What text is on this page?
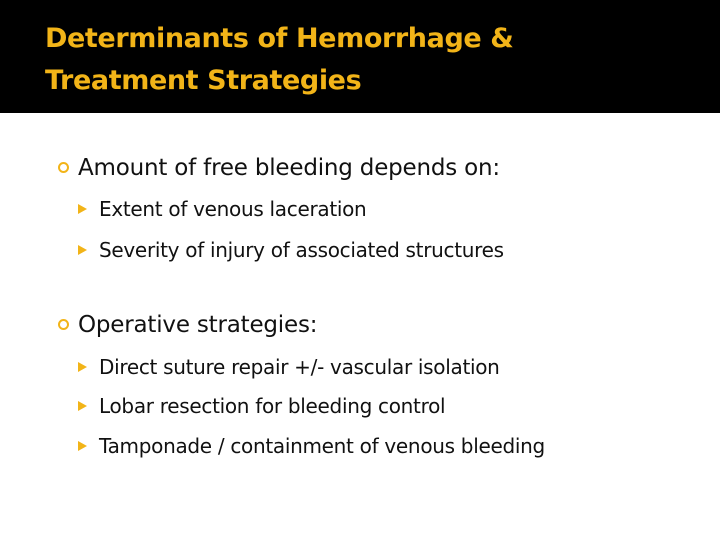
Determinants of Hemorrhage &
Treatment Strategies
Amount of free bleeding depends on:
Extent of venous laceration
Severity of injury of associated structures
Operative strategies:
Direct suture repair +/- vascular isolation
Lobar resection for bleeding control
Tamponade / containment of venous bleeding
